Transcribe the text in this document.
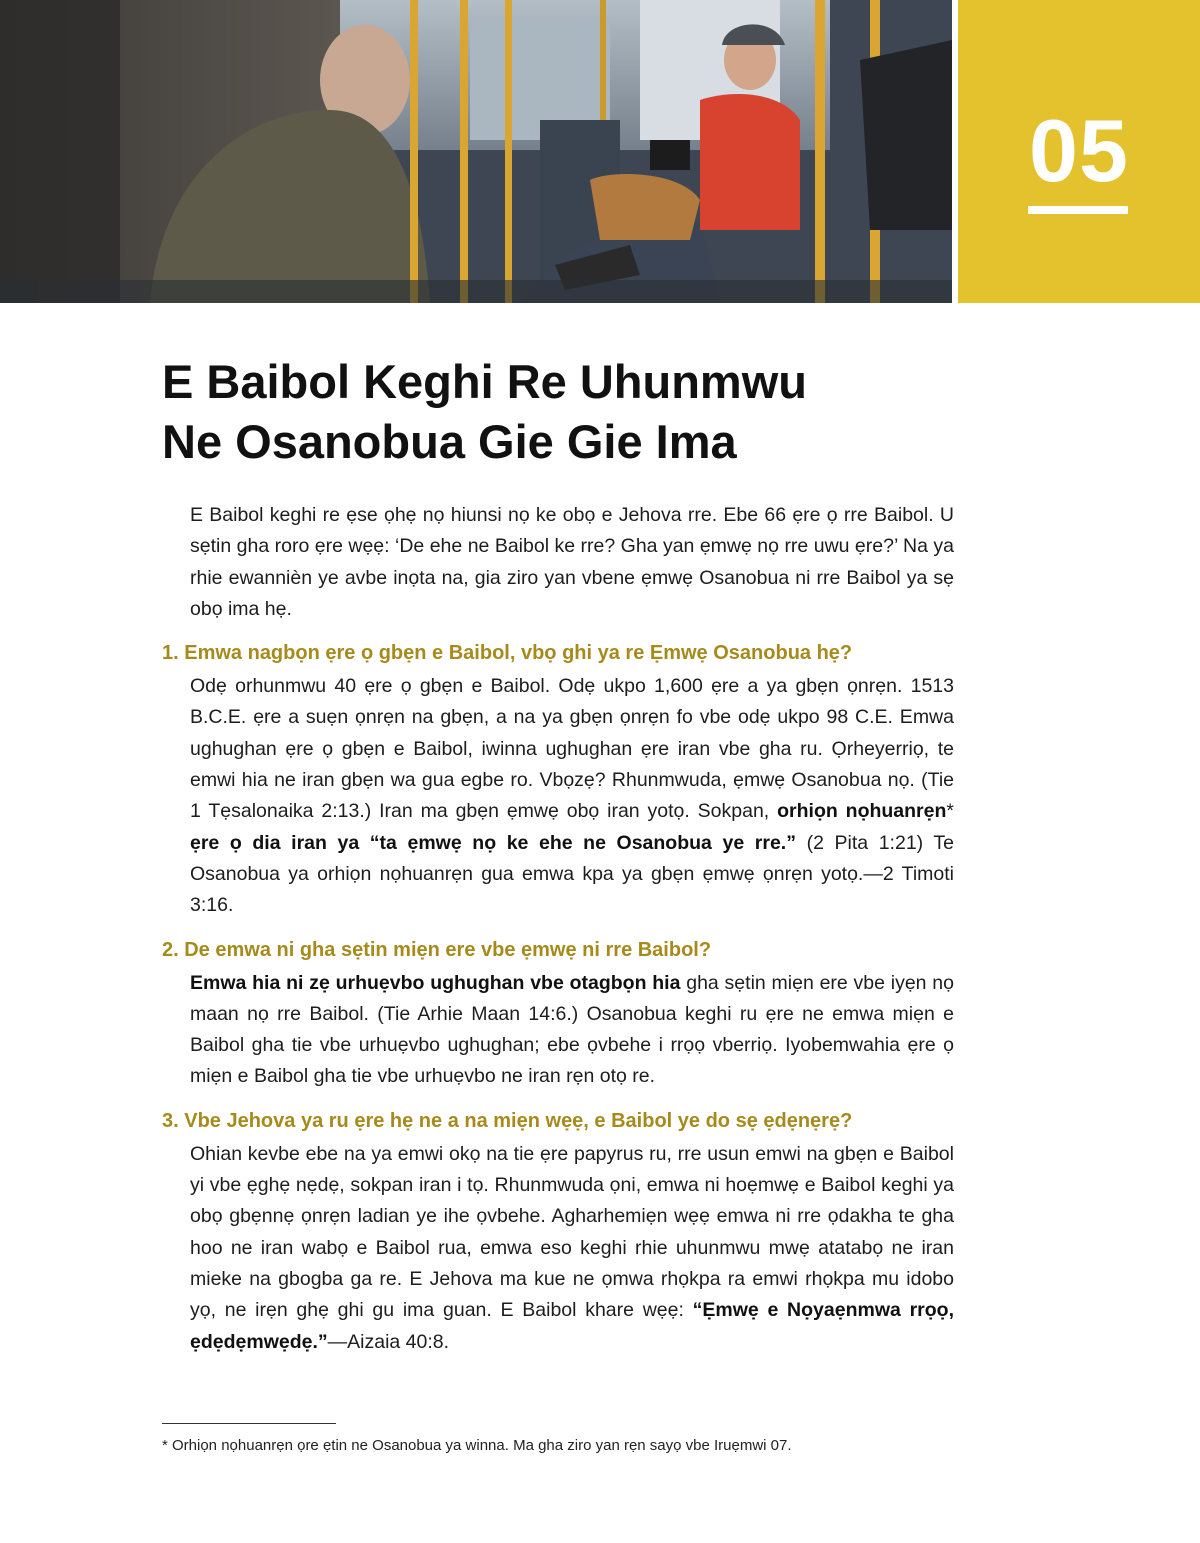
05
E Baibol Keghi Re Uhunmwu
Ne Osanobua Gie Gie Ima

E Baibol keghi re ẹse ọhẹ nọ hiunsi nọ ke obọ e Jehova rre. Ebe 66 ẹre ọ rre Baibol. U sẹtin gha roro ẹre wẹẹ: ‘De ehe ne Baibol ke rre? Gha yan ẹmwẹ nọ rre uwu ẹre?’ Na ya rhie ewannièn ye avbe inọta na, gia ziro yan vbene ẹmwẹ Osanobua ni rre Baibol ya sẹ obọ ima hẹ.

1. Emwa nagbọn ẹre ọ gbẹn e Baibol, vbọ ghi ya re Ẹmwẹ Osanobua hẹ?

Odẹ orhunmwu 40 ẹre ọ gbẹn e Baibol. Odẹ ukpo 1,600 ẹre a ya gbẹn ọnrẹn. 1513 B.C.E. ẹre a suẹn ọnrẹn na gbẹn, a na ya gbẹn ọnrẹn fo vbe odẹ ukpo 98 C.E. Emwa ughughan ẹre ọ gbẹn e Baibol, iwinna ughughan ẹre iran vbe gha ru. Ọrheyerriọ, te emwi hia ne iran gbẹn wa gua egbe ro. Vbọzẹ? Rhunmwuda, ẹmwẹ Osanobua nọ. (Tie 1 Tẹsalonaika 2:13.) Iran ma gbẹn ẹmwẹ obọ iran yotọ. Sokpan, orhiọn nọhuanrẹn* ẹre ọ dia iran ya “ta ẹmwẹ nọ ke ehe ne Osanobua ye rre.” (2 Pita 1:21) Te Osanobua ya orhiọn nọhuanrẹn gua emwa kpa ya gbẹn ẹmwẹ ọnrẹn yotọ.—2 Timoti 3:16.

2. De emwa ni gha sẹtin miẹn ere vbe ẹmwẹ ni rre Baibol?

Emwa hia ni zẹ urhuẹvbo ughughan vbe otagbọn hia gha sẹtin miẹn ere vbe iyẹn nọ maan nọ rre Baibol. (Tie Arhie Maan 14:6.) Osanobua keghi ru ẹre ne emwa miẹn e Baibol gha tie vbe urhuẹvbo ughughan; ebe ọvbehe i rrọọ vberriọ. Iyobemwahia ẹre ọ miẹn e Baibol gha tie vbe urhuẹvbo ne iran rẹn otọ re.

3. Vbe Jehova ya ru ẹre hẹ ne a na miẹn wẹẹ, e Baibol ye do sẹ ẹdẹnẹrẹ?

Ohian kevbe ebe na ya emwi okọ na tie ẹre papyrus ru, rre usun emwi na gbẹn e Baibol yi vbe ẹghẹ nẹdẹ, sokpan iran i tọ. Rhunmwuda ọni, emwa ni hoẹmwẹ e Baibol keghi ya obọ gbẹnnẹ ọnrẹn ladian ye ihe ọvbehe. Agharhemiẹn wẹẹ emwa ni rre ọdakha te gha hoo ne iran wabọ e Baibol rua, emwa eso keghi rhie uhunmwu mwẹ atatabọ ne iran mieke na gbogba ga re. E Jehova ma kue ne ọmwa rhọkpa ra emwi rhọkpa mu idobo yọ, ne irẹn ghẹ ghi gu ima guan. E Baibol khare wẹẹ: “Ẹmwẹ e Nọyaẹnmwa rrọọ, ẹdẹdẹmwẹdẹ.”—Aizaia 40:8.

* Orhiọn nọhuanrẹn ọre ẹtin ne Osanobua ya winna. Ma gha ziro yan rẹn sayọ vbe Iruẹmwi 07.
